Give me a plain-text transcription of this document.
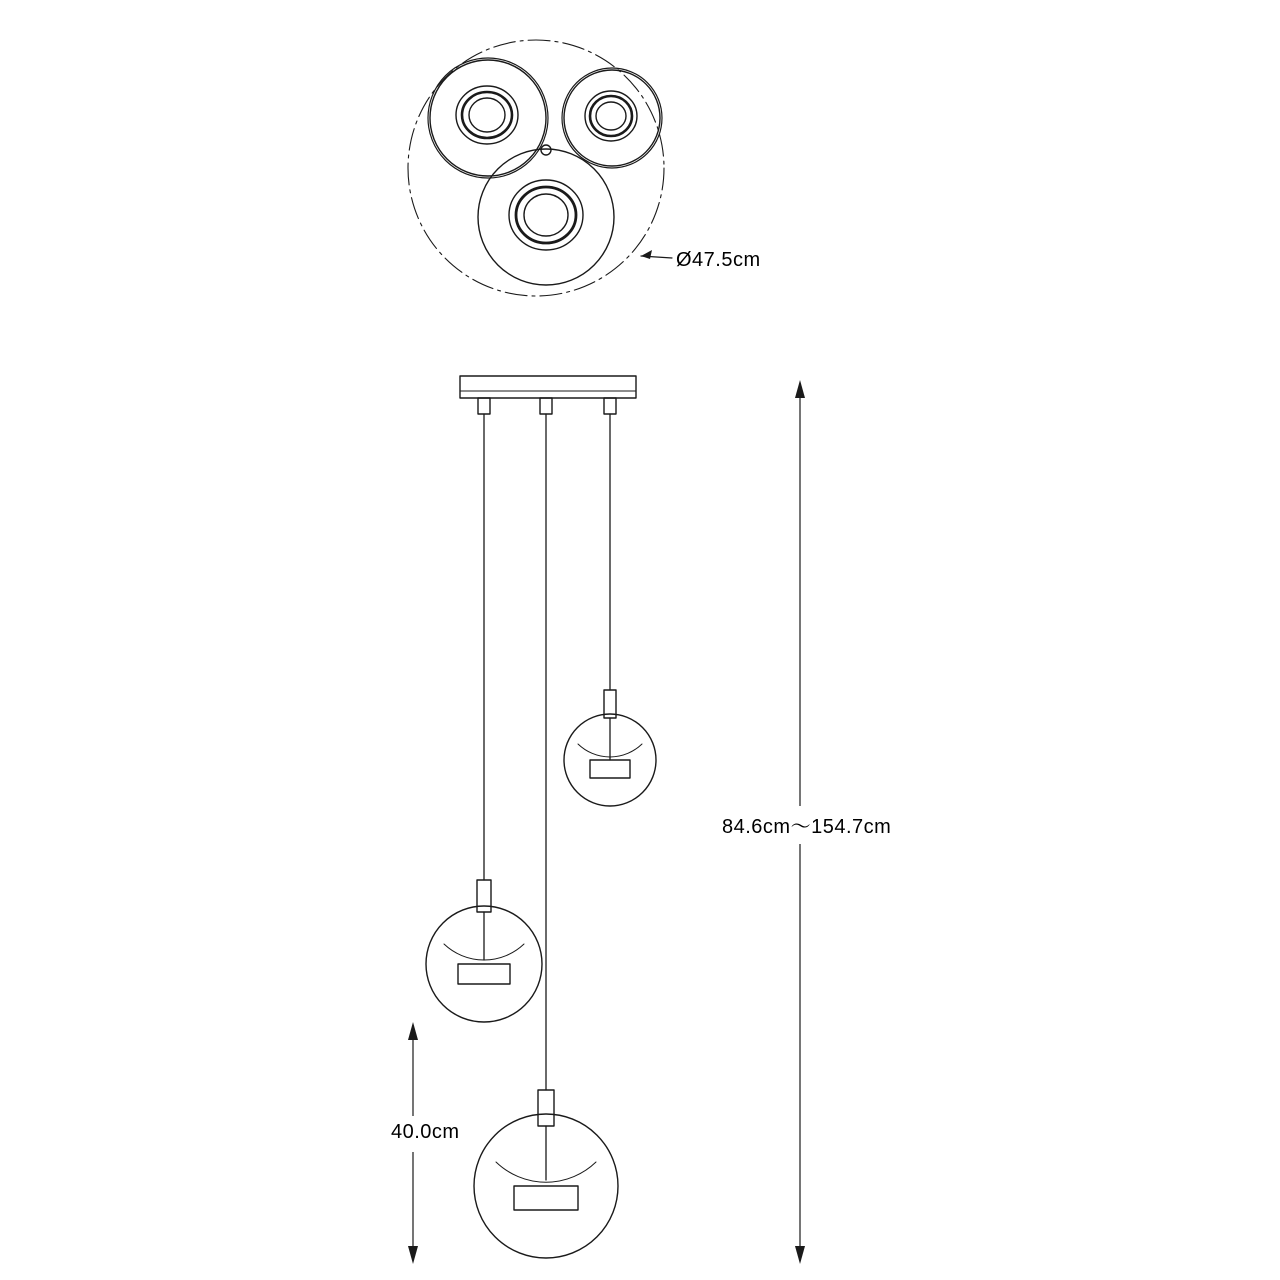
Ø47.5cm
40.0cm
84.6cm〜154.7cm
